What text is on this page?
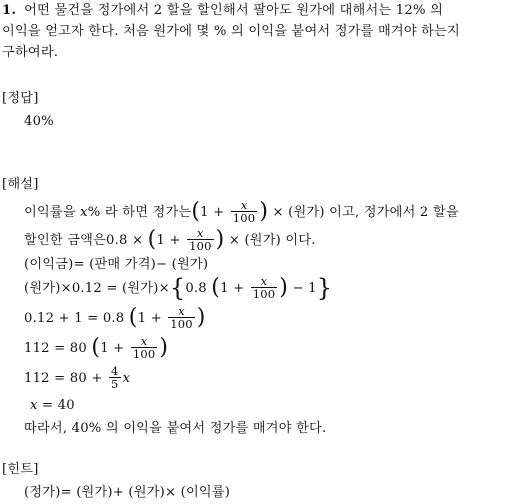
1. 어떤 물건을 정가에서 2 할을 할인해서 팔아도 원가에 대해서는 12% 의
이익을 얻고자 한다. 처음 원가에 몇 % 의 이익을 붙여서 정가를 매겨야 하는지
구하여라.
[정답]
40%
[해설]
이익률을 x% 라 하면 정가는($1 + \frac{x}{100}$ ) × (원가) 이고, 정가에서 2 할을
할인한 금액은$0.8 \times (1 + \frac{x}{100}$ ) × (원가) 이다.
(이익금)= (판매 가격)− (원가)
(원가)×0.12 = (원가)×{0.8 ($1 + \frac{x}{100}$ ) − 1}
0.12 + 1 = 0.8 ($1 + \frac{x}{100}$ )
112 = 80 ($1 + \frac{x}{100}$ )
$112 = 80 + \frac{4}{5}$ x
x = 40
따라서, 40% 의 이익을 붙여서 정가를 매겨야 한다.
[힌트]
(정가)= (원가)+ (원가)× (이익률)
